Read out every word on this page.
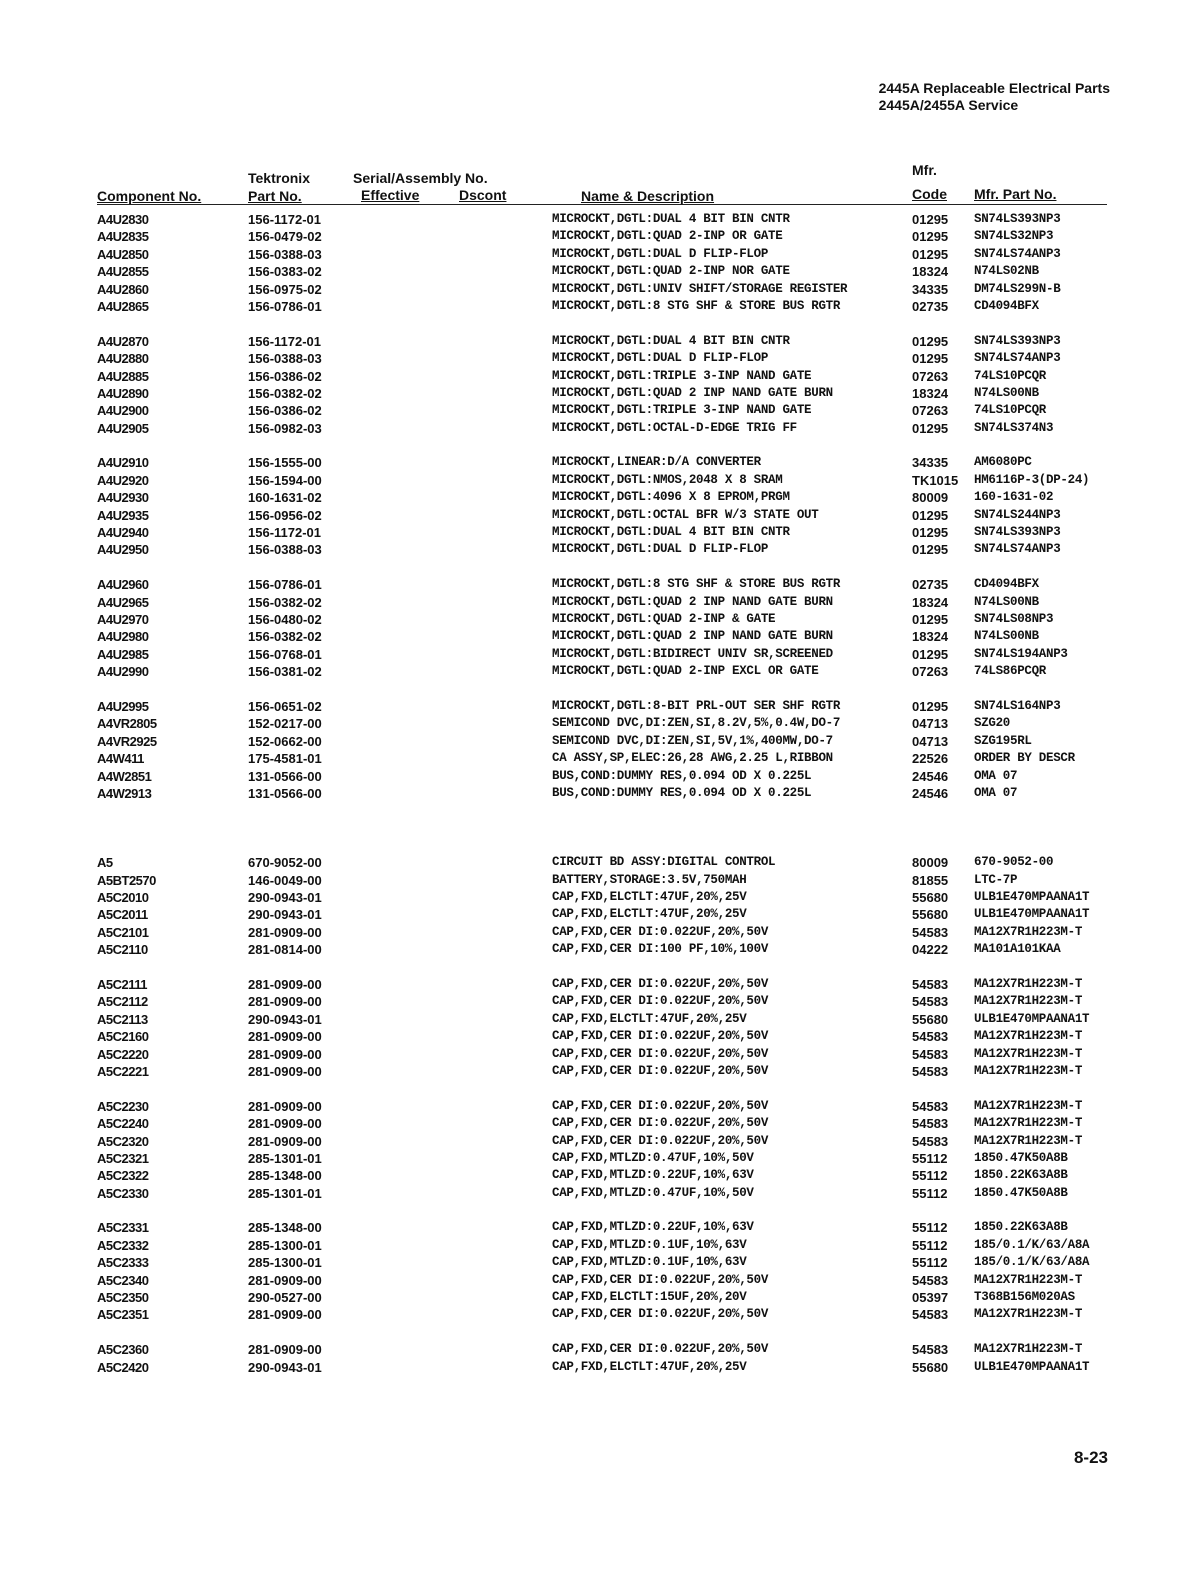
2445A Replaceable Electrical Parts
2445A/2455A Service
Tektronix	Serial/Assembly No.	Mfr.
Component No.	Part No.	Effective	Dscont	Name & Description	Code Mfr. Part No.
A4U2830	156-1172-01	MICROCKT,DGTL:DUAL 4 BIT BIN CNTR	01295 SN74LS393NP3
A4U2835	156-0479-02	MICROCKT,DGTL:QUAD 2-INP OR GATE	01295 SN74LS32NP3
A4U2850	156-0388-03	MICROCKT,DGTL:DUAL D FLIP-FLOP	01295 SN74LS74ANP3
A4U2855	156-0383-02	MICROCKT,DGTL:QUAD 2-INP NOR GATE	18324 N74LS02NB
A4U2860	156-0975-02	MICROCKT,DGTL:UNIV SHIFT/STORAGE REGISTER	34335 DM74LS299N-B
A4U2865	156-0786-01	MICROCKT,DGTL:8 STG SHF & STORE BUS RGTR	02735 CD4094BFX
A4U2870	156-1172-01	MICROCKT,DGTL:DUAL 4 BIT BIN CNTR	01295 SN74LS393NP3
A4U2880	156-0388-03	MICROCKT,DGTL:DUAL D FLIP-FLOP	01295 SN74LS74ANP3
A4U2885	156-0386-02	MICROCKT,DGTL:TRIPLE 3-INP NAND GATE	07263 74LS10PCQR
A4U2890	156-0382-02	MICROCKT,DGTL:QUAD 2 INP NAND GATE BURN	18324 N74LS00NB
A4U2900	156-0386-02	MICROCKT,DGTL:TRIPLE 3-INP NAND GATE	07263 74LS10PCQR
A4U2905	156-0982-03	MICROCKT,DGTL:OCTAL-D-EDGE TRIG FF	01295 SN74LS374N3
A4U2910	156-1555-00	MICROCKT,LINEAR:D/A CONVERTER	34335 AM6080PC
A4U2920	156-1594-00	MICROCKT,DGTL:NMOS,2048 X 8 SRAM	TK1015 HM6116P-3(DP-24)
A4U2930	160-1631-02	MICROCKT,DGTL:4096 X 8 EPROM,PRGM	80009 160-1631-02
A4U2935	156-0956-02	MICROCKT,DGTL:OCTAL BFR W/3 STATE OUT	01295 SN74LS244NP3
A4U2940	156-1172-01	MICROCKT,DGTL:DUAL 4 BIT BIN CNTR	01295 SN74LS393NP3
A4U2950	156-0388-03	MICROCKT,DGTL:DUAL D FLIP-FLOP	01295 SN74LS74ANP3
A4U2960	156-0786-01	MICROCKT,DGTL:8 STG SHF & STORE BUS RGTR	02735 CD4094BFX
A4U2965	156-0382-02	MICROCKT,DGTL:QUAD 2 INP NAND GATE BURN	18324 N74LS00NB
A4U2970	156-0480-02	MICROCKT,DGTL:QUAD 2-INP & GATE	01295 SN74LS08NP3
A4U2980	156-0382-02	MICROCKT,DGTL:QUAD 2 INP NAND GATE BURN	18324 N74LS00NB
A4U2985	156-0768-01	MICROCKT,DGTL:BIDIRECT UNIV SR,SCREENED	01295 SN74LS194ANP3
A4U2990	156-0381-02	MICROCKT,DGTL:QUAD 2-INP EXCL OR GATE	07263 74LS86PCQR
A4U2995	156-0651-02	MICROCKT,DGTL:8-BIT PRL-OUT SER SHF RGTR	01295 SN74LS164NP3
A4VR2805	152-0217-00	SEMICOND DVC,DI:ZEN,SI,8.2V,5%,0.4W,DO-7	04713 SZG20
A4VR2925	152-0662-00	SEMICOND DVC,DI:ZEN,SI,5V,1%,400MW,DO-7	04713 SZG195RL
A4W411	175-4581-01	CA ASSY,SP,ELEC:26,28 AWG,2.25 L,RIBBON	22526 ORDER BY DESCR
A4W2851	131-0566-00	BUS,COND:DUMMY RES,0.094 OD X 0.225L	24546 OMA 07
A4W2913	131-0566-00	BUS,COND:DUMMY RES,0.094 OD X 0.225L	24546 OMA 07
A5	670-9052-00	CIRCUIT BD ASSY:DIGITAL CONTROL	80009 670-9052-00
A5BT2570	146-0049-00	BATTERY,STORAGE:3.5V,750MAH	81855 LTC-7P
A5C2010	290-0943-01	CAP,FXD,ELCTLT:47UF,20%,25V	55680 ULB1E470MPAANA1T
A5C2011	290-0943-01	CAP,FXD,ELCTLT:47UF,20%,25V	55680 ULB1E470MPAANA1T
A5C2101	281-0909-00	CAP,FXD,CER DI:0.022UF,20%,50V	54583 MA12X7R1H223M-T
A5C2110	281-0814-00	CAP,FXD,CER DI:100 PF,10%,100V	04222 MA101A101KAA
A5C2111	281-0909-00	CAP,FXD,CER DI:0.022UF,20%,50V	54583 MA12X7R1H223M-T
A5C2112	281-0909-00	CAP,FXD,CER DI:0.022UF,20%,50V	54583 MA12X7R1H223M-T
A5C2113	290-0943-01	CAP,FXD,ELCTLT:47UF,20%,25V	55680 ULB1E470MPAANA1T
A5C2160	281-0909-00	CAP,FXD,CER DI:0.022UF,20%,50V	54583 MA12X7R1H223M-T
A5C2220	281-0909-00	CAP,FXD,CER DI:0.022UF,20%,50V	54583 MA12X7R1H223M-T
A5C2221	281-0909-00	CAP,FXD,CER DI:0.022UF,20%,50V	54583 MA12X7R1H223M-T
A5C2230	281-0909-00	CAP,FXD,CER DI:0.022UF,20%,50V	54583 MA12X7R1H223M-T
A5C2240	281-0909-00	CAP,FXD,CER DI:0.022UF,20%,50V	54583 MA12X7R1H223M-T
A5C2320	281-0909-00	CAP,FXD,CER DI:0.022UF,20%,50V	54583 MA12X7R1H223M-T
A5C2321	285-1301-01	CAP,FXD,MTLZD:0.47UF,10%,50V	55112 1850.47K50A8B
A5C2322	285-1348-00	CAP,FXD,MTLZD:0.22UF,10%,63V	55112 1850.22K63A8B
A5C2330	285-1301-01	CAP,FXD,MTLZD:0.47UF,10%,50V	55112 1850.47K50A8B
A5C2331	285-1348-00	CAP,FXD,MTLZD:0.22UF,10%,63V	55112 1850.22K63A8B
A5C2332	285-1300-01	CAP,FXD,MTLZD:0.1UF,10%,63V	55112 185/0.1/K/63/A8A
A5C2333	285-1300-01	CAP,FXD,MTLZD:0.1UF,10%,63V	55112 185/0.1/K/63/A8A
A5C2340	281-0909-00	CAP,FXD,CER DI:0.022UF,20%,50V	54583 MA12X7R1H223M-T
A5C2350	290-0527-00	CAP,FXD,ELCTLT:15UF,20%,20V	05397 T368B156M020AS
A5C2351	281-0909-00	CAP,FXD,CER DI:0.022UF,20%,50V	54583 MA12X7R1H223M-T
A5C2360	281-0909-00	CAP,FXD,CER DI:0.022UF,20%,50V	54583 MA12X7R1H223M-T
A5C2420	290-0943-01	CAP,FXD,ELCTLT:47UF,20%,25V	55680 ULB1E470MPAANA1T
8-23
